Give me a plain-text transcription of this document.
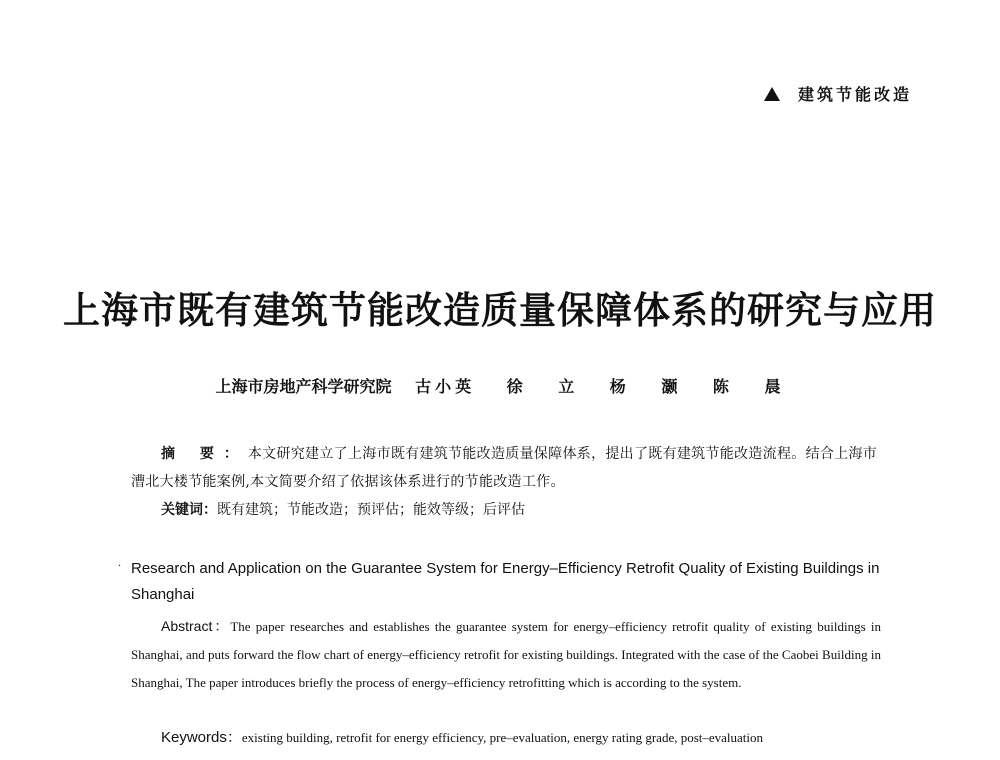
建筑节能改造
上海市既有建筑节能改造质量保障体系的研究与应用
上海市房地产科学研究院 古小英 徐 立 杨 灏 陈 晨

摘 要：本文研究建立了上海市既有建筑节能改造质量保障体系，提出了既有建筑节能改造流程。结合上海市漕北大楼节能案例,本文简要介绍了依据该体系进行的节能改造工作。

关键词：既有建筑；节能改造；预评估；能效等级；后评估

· Research and Application on the Guarantee System for Energy–Efficiency Retrofit Quality of Existing Buildings in Shanghai

Abstract：The paper researches and establishes the guarantee system for energy–efficiency retrofit quality of existing buildings in Shanghai, and puts forward the flow chart of energy–efficiency retrofit for existing buildings. Integrated with the case of the Caobei Building in Shanghai, The paper introduces briefly the process of energy–efficiency retrofitting which is according to the system.

Keywords：existing building, retrofit for energy efficiency, pre–evaluation, energy rating grade, post–evaluation
